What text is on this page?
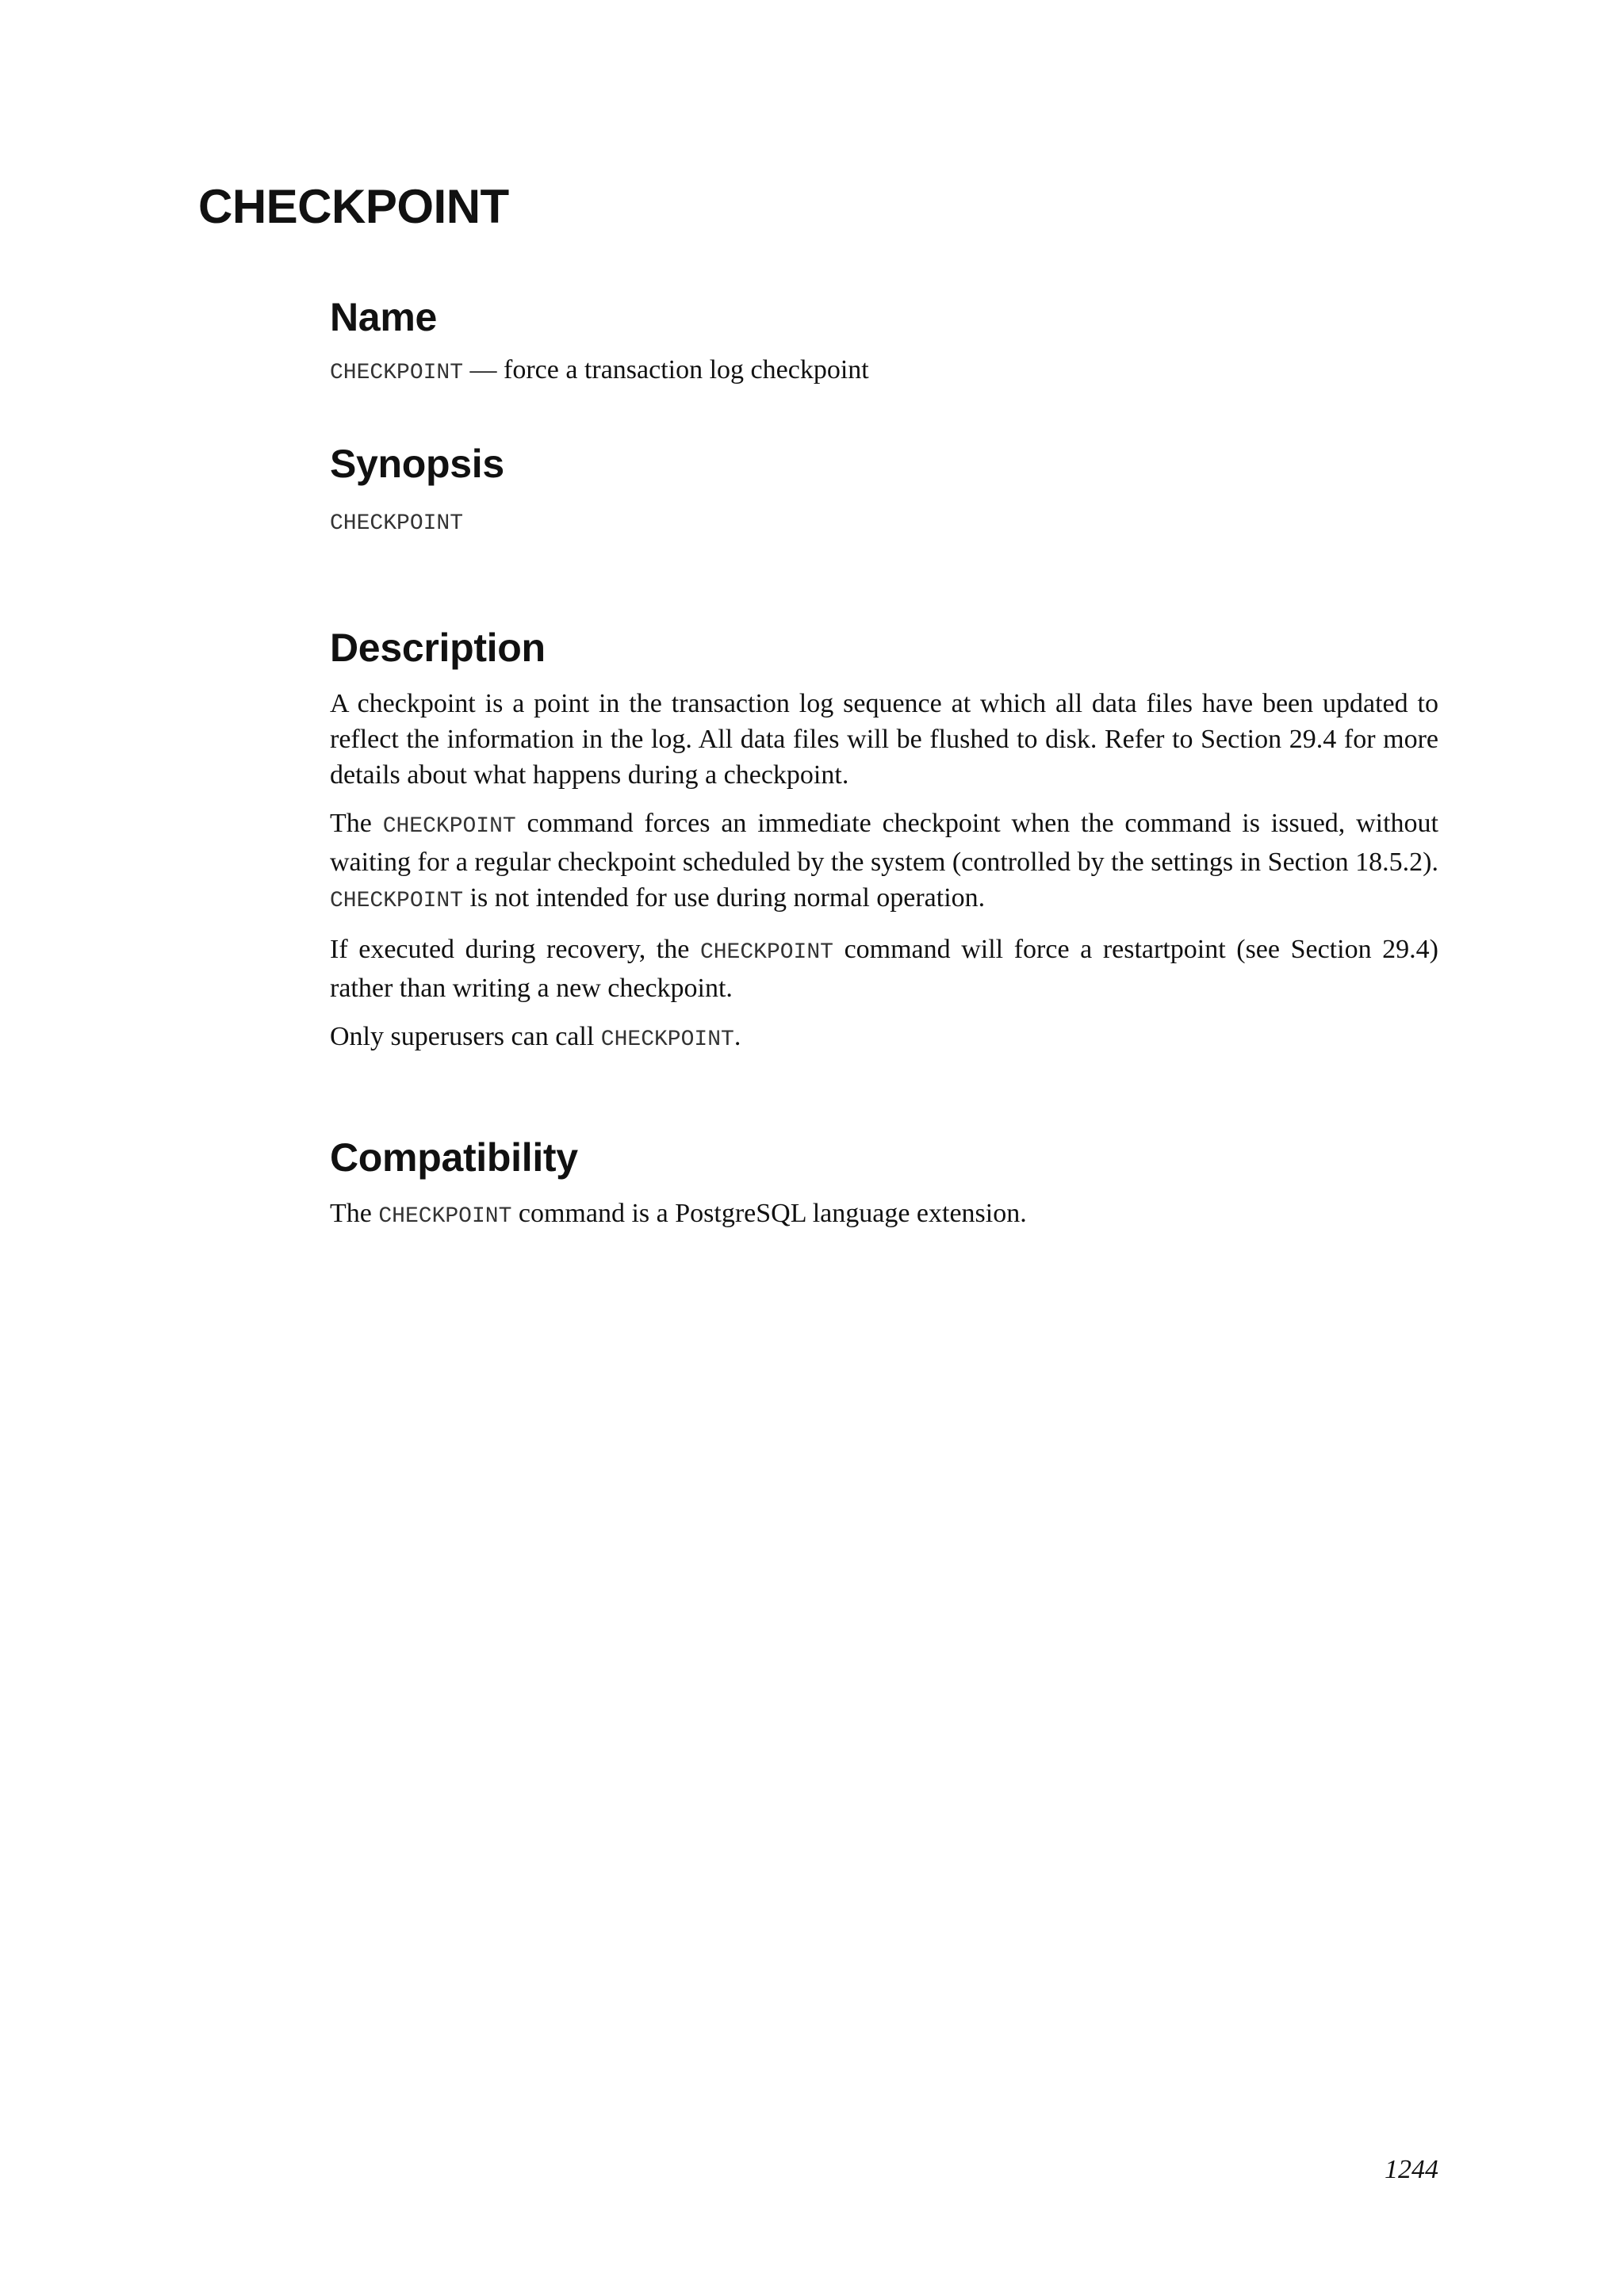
CHECKPOINT
Name

CHECKPOINT — force a transaction log checkpoint

Synopsis
CHECKPOINT
Description

A checkpoint is a point in the transaction log sequence at which all data files have been updated to reflect the information in the log. All data files will be flushed to disk. Refer to Section 29.4 for more details about what happens during a checkpoint.

The CHECKPOINT command forces an immediate checkpoint when the command is issued, without waiting for a regular checkpoint scheduled by the system (controlled by the settings in Section 18.5.2). CHECKPOINT is not intended for use during normal operation.

If executed during recovery, the CHECKPOINT command will force a restartpoint (see Section 29.4) rather than writing a new checkpoint.

Only superusers can call CHECKPOINT.

Compatibility

The CHECKPOINT command is a PostgreSQL language extension.

1244
